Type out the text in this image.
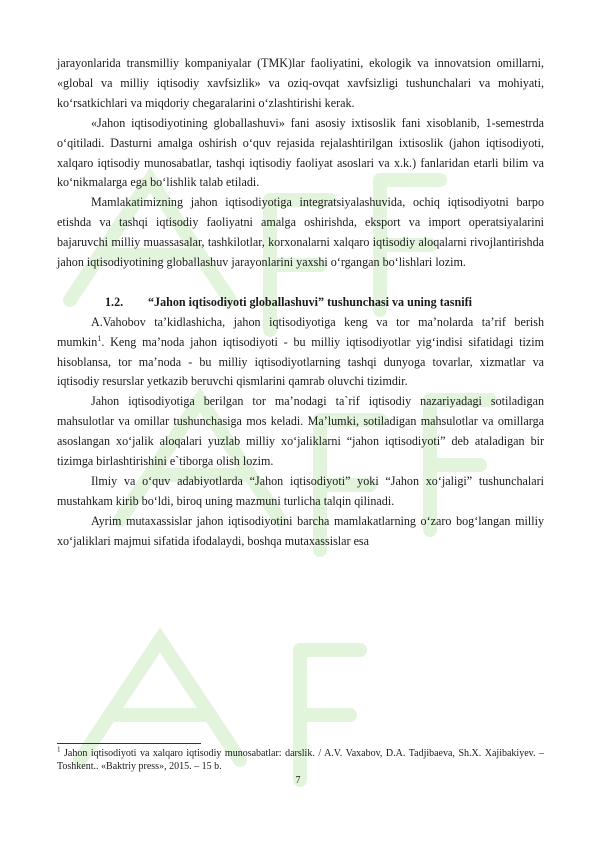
jarayonlarida transmilliy kompaniyalar (TMK)lar faoliyatini, ekologik va innovatsion omillarni, «global va milliy iqtisodiy xavfsizlik» va oziq-ovqat xavfsizligi tushunchalari va mohiyati, ko‘rsatkichlari va miqdoriy chegaralarini o‘zlashtirishi kerak.

«Jahon iqtisodiyotining globallashuvi» fani asosiy ixtisoslik fani xisoblanib, 1-semestrda o‘qitiladi. Dasturni amalga oshirish o‘quv rejasida rejalashtirilgan ixtisoslik (jahon iqtisodiyoti, xalqaro iqtisodiy munosabatlar, tashqi iqtisodiy faoliyat asoslari va x.k.) fanlaridan etarli bilim va ko‘nikmalarga ega bo‘lishlik talab etiladi.

Mamlakatimizning jahon iqtisodiyotiga integratsiyalashuvida, ochiq iqtisodiyotni barpo etishda va tashqi iqtisodiy faoliyatni amalga oshirishda, eksport va import operatsiyalarini bajaruvchi milliy muassasalar, tashkilotlar, korxonalarni xalqaro iqtisodiy aloqalarni rivojlantirishda jahon iqtisodiyotining globallashuv jarayonlarini yaxshi o‘rgangan bo‘lishlari lozim.

1.2. “Jahon iqtisodiyoti globallashuvi” tushunchasi va uning tasnifi

A.Vahobov ta’kidlashicha, jahon iqtisodiyotiga keng va tor ma’nolarda ta’rif berish mumkin$^1$. Keng ma’noda jahon iqtisodiyoti - bu milliy iqtisodiyotlar yig‘indisi sifatidagi tizim hisoblansa, tor ma’noda - bu milliy iqtisodiyotlarning tashqi dunyoga tovarlar, xizmatlar va iqtisodiy resurslar yetkazib beruvchi qismlarini qamrab oluvchi tizimdir.

Jahon iqtisodiyotiga berilgan tor ma’nodagi ta`rif iqtisodiy nazariyadagi sotiladigan mahsulotlar va omillar tushunchasiga mos keladi. Ma’lumki, sotiladigan mahsulotlar va omillarga asoslangan xo‘jalik aloqalari yuzlab milliy xo‘jaliklarni “jahon iqtisodiyoti” deb ataladigan bir tizimga birlashtirishini e`tiborga olish lozim.

Ilmiy va o‘quv adabiyotlarda “Jahon iqtisodiyoti” yoki “Jahon xo‘jaligi” tushunchalari mustahkam kirib bo‘ldi, biroq uning mazmuni turlicha talqin qilinadi.

Ayrim mutaxassislar jahon iqtisodiyotini barcha mamlakatlarning o‘zaro bog‘langan milliy xo‘jaliklari majmui sifatida ifodalaydi, boshqa mutaxassislar esa

$^1$ Jahon iqtisodiyoti va xalqaro iqtisodiy munosabatlar: darslik. / A.V. Vaxabov, D.A. Tadjibaeva, Sh.X. Xajibakiyev. – Toshkent.. «Baktriy press», 2015. – 15 b.
7
